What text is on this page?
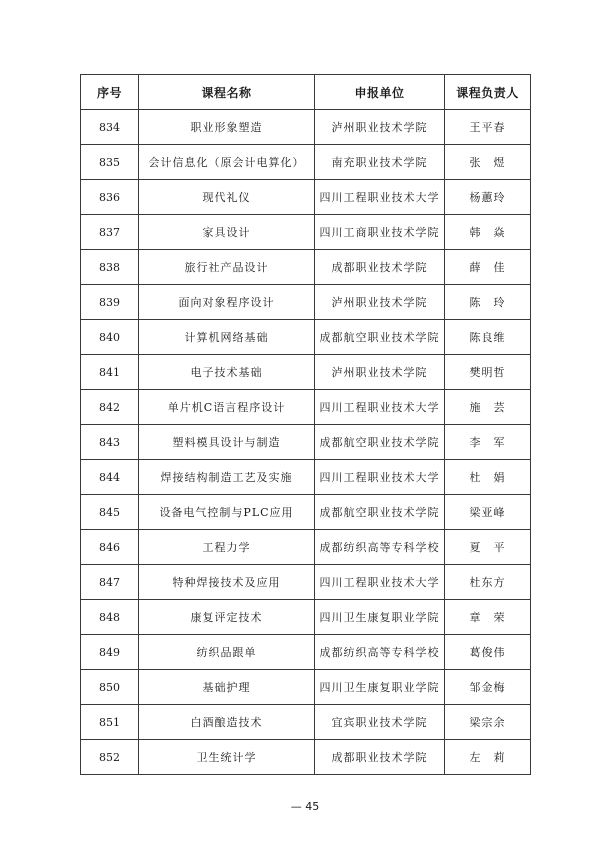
序号	课程名称	申报单位	课程负责人
834	职业形象塑造	泸州职业技术学院	王平春
835	会计信息化（原会计电算化）	南充职业技术学院	张　煜
836	现代礼仪	四川工程职业技术大学	杨蕙玲
837	家具设计	四川工商职业技术学院	韩　焱
838	旅行社产品设计	成都职业技术学院	薛　佳
839	面向对象程序设计	泸州职业技术学院	陈　玲
840	计算机网络基础	成都航空职业技术学院	陈良维
841	电子技术基础	泸州职业技术学院	樊明哲
842	单片机C语言程序设计	四川工程职业技术大学	施　芸
843	塑料模具设计与制造	成都航空职业技术学院	李　军
844	焊接结构制造工艺及实施	四川工程职业技术大学	杜　娟
845	设备电气控制与PLC应用	成都航空职业技术学院	梁亚峰
846	工程力学	成都纺织高等专科学校	夏　平
847	特种焊接技术及应用	四川工程职业技术大学	杜东方
848	康复评定技术	四川卫生康复职业学院	章　荣
849	纺织品跟单	成都纺织高等专科学校	葛俊伟
850	基础护理	四川卫生康复职业学院	邹金梅
851	白酒酿造技术	宜宾职业技术学院	梁宗余
852	卫生统计学	成都职业技术学院	左　莉
— 45
